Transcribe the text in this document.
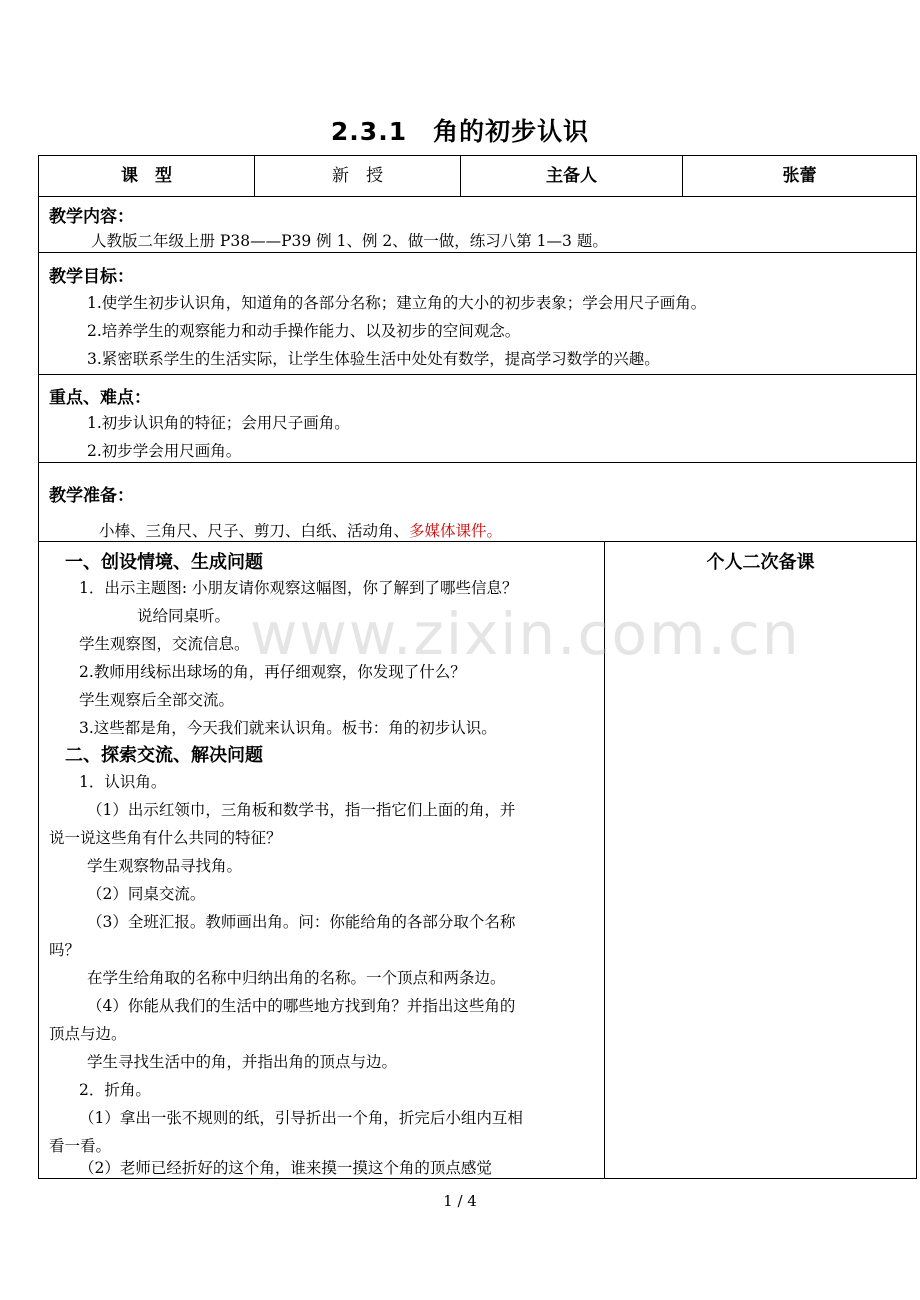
2.3.1　角的初步认识
课　型	新　授	主备人	张蕾
教学内容：
人教版二年级上册 P38——P39 例 1、例 2、做一做，练习八第 1—3 题。
教学目标：
1.使学生初步认识角，知道角的各部分名称；建立角的大小的初步表象；学会用尺子画角。
2.培养学生的观察能力和动手操作能力、以及初步的空间观念。
3.紧密联系学生的生活实际，让学生体验生活中处处有数学，提高学习数学的兴趣。
重点、难点：
1.初步认识角的特征；会用尺子画角。
2.初步学会用尺画角。
教学准备：
小棒、三角尺、尺子、剪刀、白纸、活动角、多媒体课件。
个人二次备课
一、创设情境、生成问题
1．出示主题图: 小朋友请你观察这幅图，你了解到了哪些信息？
说给同桌听。
学生观察图，交流信息。
2.教师用线标出球场的角，再仔细观察，你发现了什么？
学生观察后全部交流。
3.这些都是角，今天我们就来认识角。板书：角的初步认识。
二、探索交流、解决问题
1．认识角。
（1）出示红领巾，三角板和数学书，指一指它们上面的角，并
说一说这些角有什么共同的特征？
学生观察物品寻找角。
（2）同桌交流。
（3）全班汇报。教师画出角。问：你能给角的各部分取个名称
吗？
在学生给角取的名称中归纳出角的名称。一个顶点和两条边。
（4）你能从我们的生活中的哪些地方找到角？并指出这些角的
顶点与边。
学生寻找生活中的角，并指出角的顶点与边。
2．折角。
（1）拿出一张不规则的纸，引导折出一个角，折完后小组内互相
看一看。
（2）老师已经折好的这个角，谁来摸一摸这个角的顶点感觉
www.zixin.com.cn
1 / 4
